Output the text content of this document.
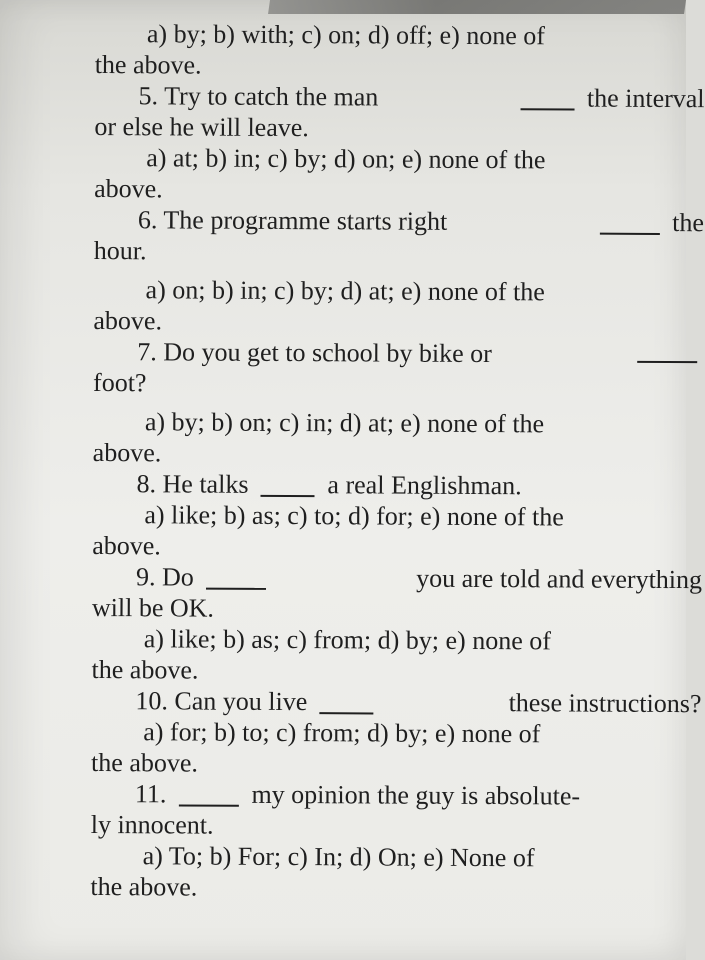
a) by; b) with; c) on; d) off; e) none of
the above.
5. Try to catch the man	the interval
or else he will leave.
a) at; b) in; c) by; d) on; e) none of the
above.
6. The programme starts right	the
hour.
a) on; b) in; c) by; d) at; e) none of the
above.
7. Do you get to school by bike or
foot?
a) by; b) on; c) in; d) at; e) none of the
above.
8. He talks	a real Englishman.
a) like; b) as; c) to; d) for; e) none of the
above.
9. Do	you are told and everything
will be OK.
a) like; b) as; c) from; d) by; e) none of
the above.
10. Can you live	these instructions?
a) for; b) to; c) from; d) by; e) none of
the above.
11.	my opinion the guy is absolute-
ly innocent.
a) To; b) For; c) In; d) On; e) None of
the above.
